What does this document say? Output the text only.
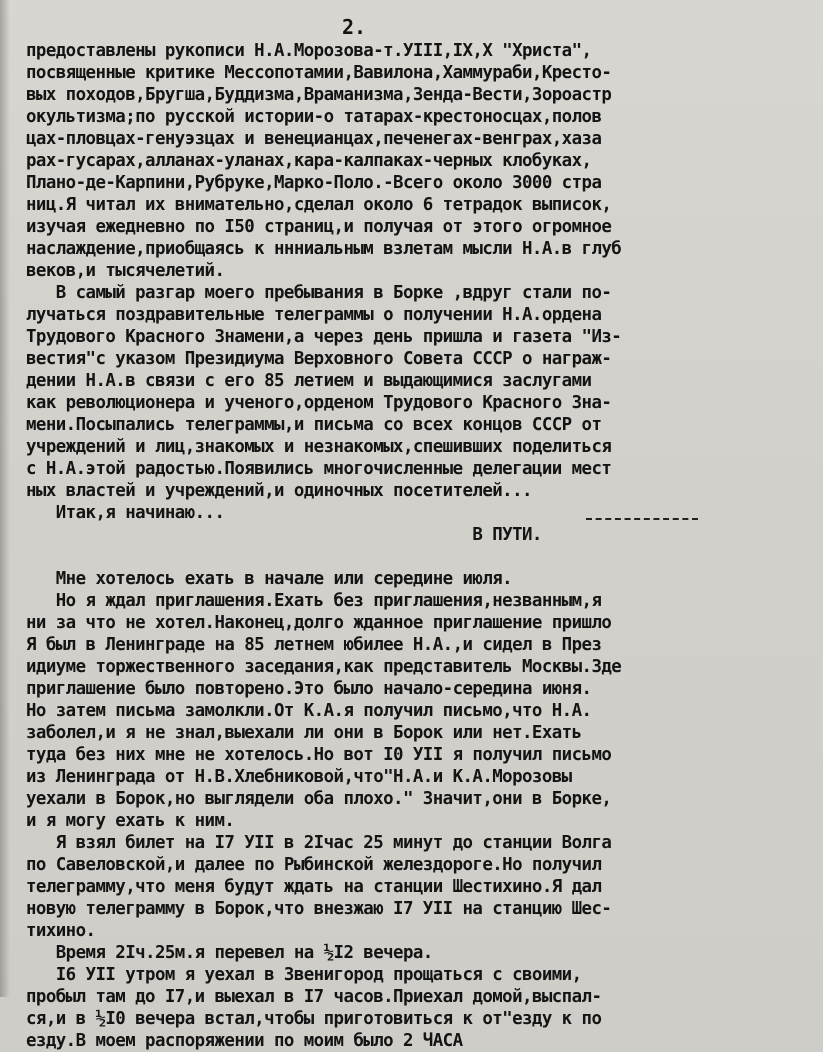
2.
предоставлены рукописи Н.А.Морозова-т.УIII,IX,X "Христа",
посвященные критике Мессопотамии,Вавилона,Хаммураби,Кресто-
вых походов,Бругша,Буддизма,Враманизма,Зенда-Вести,Зороастр
окультизма;по русской истории-о татарах-крестоносцах,полов
цах-пловцах-генуэзцах и венецианцах,печенегах-венграх,хаза
рах-гусарах,алланах-уланах,кара-калпаках-черных клобуках,
Плано-де-Карпини,Рубруке,Марко-Поло.-Всего около 3000 стра
ниц.Я читал их внимательно,сделал около 6 тетрадок выписок,
изучая ежедневно по I50 страниц,и получая от этого огромное
наслаждение,приобщаясь к ннниальным взлетам мысли Н.А.в глуб
веков,и тысячелетий.
В самый разгар моего пребывания в Борке ,вдруг стали по-
лучаться поздравительные телеграммы о получении Н.А.ордена
Трудового Красного Знамени,а через день пришла и газета "Из-
вестия"с указом Президиума Верховного Совета СССР о награж-
дении Н.А.в связи с его 85 летием и выдающимися заслугами
как революционера и ученого,орденом Трудового Красного Зна-
мени.Посыпались телеграммы,и письма со всех концов СССР от
учреждений и лиц,знакомых и незнакомых,спешивших поделиться
с Н.А.этой радостью.Появились многочисленные делегации мест
ных властей и учреждений,и одиночных посетителей...
Итак,я начинаю...
В ПУТИ.
Мне хотелось ехать в начале или середине июля.
Но я ждал приглашения.Ехать без приглашения,незванным,я
ни за что не хотел.Наконец,долго жданное приглашение пришло
Я был в Ленинграде на 85 летнем юбилее Н.А.,и сидел в През
идиуме торжественного заседания,как представитель Москвы.Зде
приглашение было повторено.Это было начало-середина июня.
Но затем письма замолкли.От К.А.я получил письмо,что Н.А.
заболел,и я не знал,выехали ли они в Борок или нет.Ехать
туда без них мне не хотелось.Но вот I0 УII я получил письмо
из Ленинграда от Н.В.Хлебниковой,что"Н.А.и К.А.Морозовы
уехали в Борок,но выглядели оба плохо." Значит,они в Борке,
и я могу ехать к ним.
Я взял билет на I7 УII в 2Iчас 25 минут до станции Волга
по Савеловской,и далее по Рыбинской желездороге.Но получил
телеграмму,что меня будут ждать на станции Шестихино.Я дал
новую телеграмму в Борок,что внезжаю I7 УII на станцию Шес-
тихино.
Время 2Iч.25м.я перевел на ½I2 вечера.
I6 УII утром я уехал в Звенигород прощаться с своими,
пробыл там до I7,и выехал в I7 часов.Приехал домой,выспал-
ся,и в ½I0 вечера встал,чтобы приготовиться к от"езду к по
езду.В моем распоряжении по моим было 2 ЧАСА
